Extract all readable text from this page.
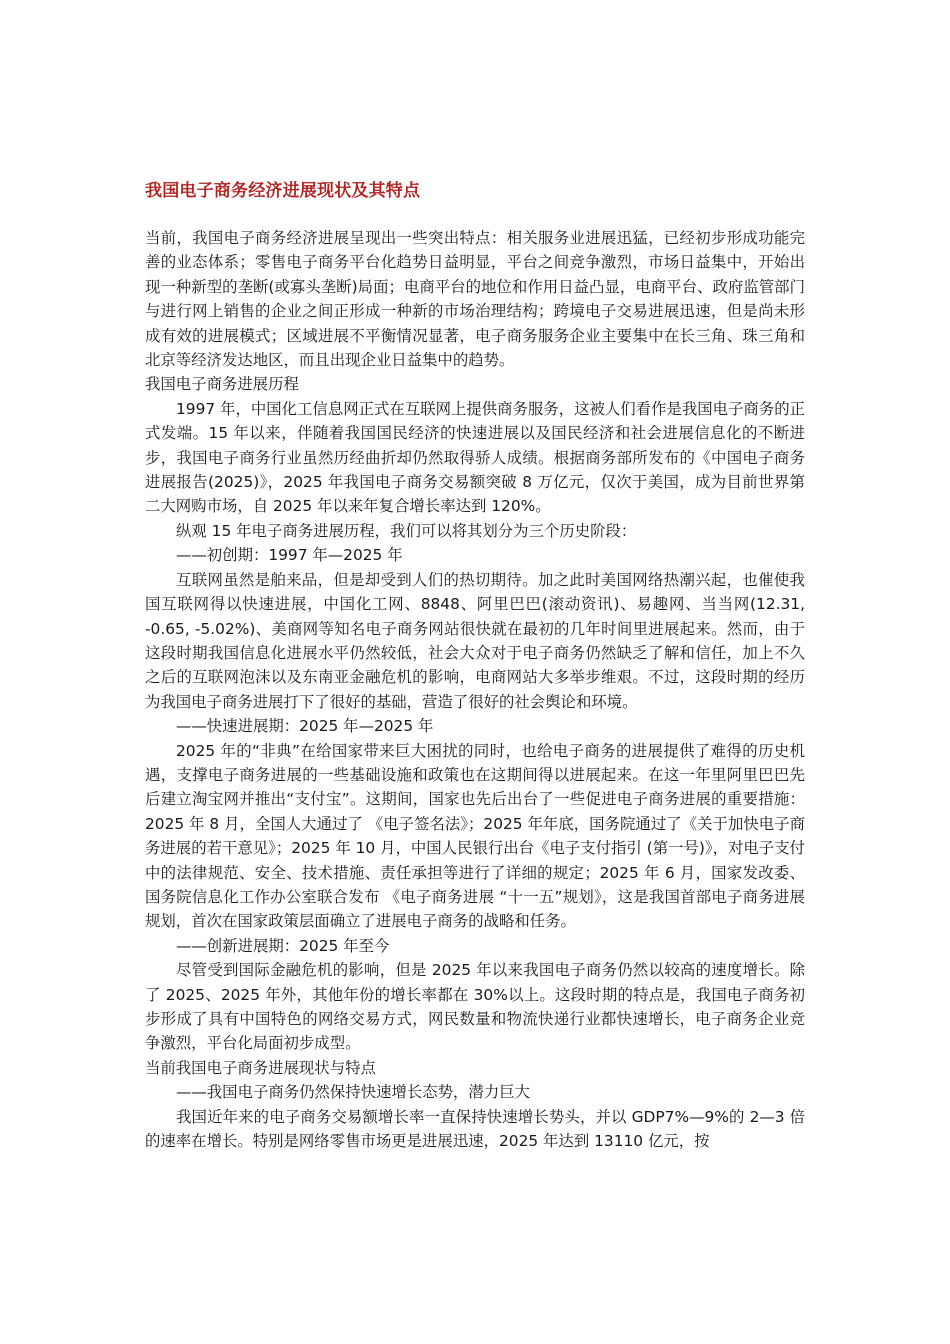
我国电子商务经济进展现状及其特点

当前，我国电子商务经济进展呈现出一些突出特点：相关服务业进展迅猛，已经初步形成功能完善的业态体系；零售电子商务平台化趋势日益明显，平台之间竞争激烈，市场日益集中，开始出现一种新型的垄断(或寡头垄断)局面；电商平台的地位和作用日益凸显，电商平台、政府监管部门与进行网上销售的企业之间正形成一种新的市场治理结构；跨境电子交易进展迅速，但是尚未形成有效的进展模式；区域进展不平衡情况显著，电子商务服务企业主要集中在长三角、珠三角和北京等经济发达地区，而且出现企业日益集中的趋势。

我国电子商务进展历程

1997 年，中国化工信息网正式在互联网上提供商务服务，这被人们看作是我国电子商务的正式发端。15 年以来，伴随着我国国民经济的快速进展以及国民经济和社会进展信息化的不断进步，我国电子商务行业虽然历经曲折却仍然取得骄人成绩。根据商务部所发布的《中国电子商务进展报告(2025)》，2025 年我国电子商务交易额突破 8 万亿元，仅次于美国，成为目前世界第二大网购市场，自 2025 年以来年复合增长率达到 120%。

纵观 15 年电子商务进展历程，我们可以将其划分为三个历史阶段：

——初创期：1997 年—2025 年

互联网虽然是舶来品，但是却受到人们的热切期待。加之此时美国网络热潮兴起，也催使我国互联网得以快速进展，中国化工网、8848、阿里巴巴(滚动资讯)、易趣网、当当网(12.31, -0.65, -5.02%)、美商网等知名电子商务网站很快就在最初的几年时间里进展起来。然而，由于这段时期我国信息化进展水平仍然较低，社会大众对于电子商务仍然缺乏了解和信任，加上不久之后的互联网泡沫以及东南亚金融危机的影响，电商网站大多举步维艰。不过，这段时期的经历为我国电子商务进展打下了很好的基础，营造了很好的社会舆论和环境。

——快速进展期：2025 年—2025 年

2025 年的“非典”在给国家带来巨大困扰的同时，也给电子商务的进展提供了难得的历史机遇，支撑电子商务进展的一些基础设施和政策也在这期间得以进展起来。在这一年里阿里巴巴先后建立淘宝网并推出“支付宝”。这期间，国家也先后出台了一些促进电子商务进展的重要措施：2025 年 8 月，全国人大通过了 《电子签名法》；2025 年年底，国务院通过了《关于加快电子商务进展的若干意见》；2025 年 10 月，中国人民银行出台《电子支付指引 (第一号)》，对电子支付中的法律规范、安全、技术措施、责任承担等进行了详细的规定；2025 年 6 月，国家发改委、国务院信息化工作办公室联合发布 《电子商务进展 “十一五”规划》，这是我国首部电子商务进展规划，首次在国家政策层面确立了进展电子商务的战略和任务。

——创新进展期：2025 年至今

尽管受到国际金融危机的影响，但是 2025 年以来我国电子商务仍然以较高的速度增长。除了 2025、2025 年外，其他年份的增长率都在 30%以上。这段时期的特点是，我国电子商务初步形成了具有中国特色的网络交易方式，网民数量和物流快递行业都快速增长，电子商务企业竞争激烈，平台化局面初步成型。

当前我国电子商务进展现状与特点

——我国电子商务仍然保持快速增长态势，潜力巨大

我国近年来的电子商务交易额增长率一直保持快速增长势头，并以 GDP7%—9%的 2—3 倍的速率在增长。特别是网络零售市场更是进展迅速，2025 年达到 13110 亿元，按
